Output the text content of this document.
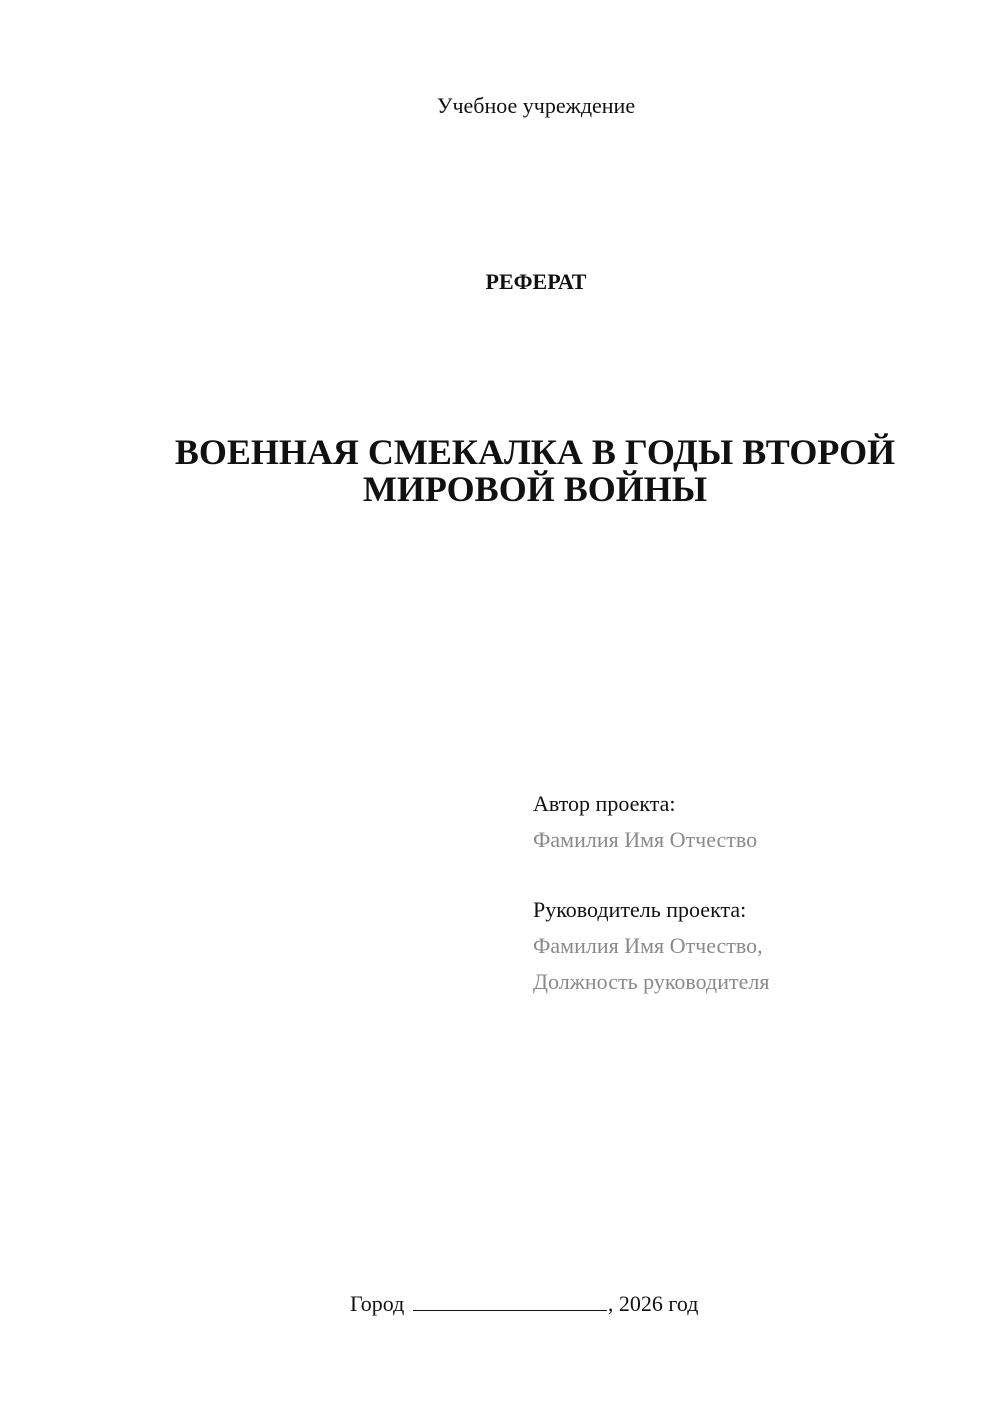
Учебное учреждение
РЕФЕРАТ
ВОЕННАЯ СМЕКАЛКА В ГОДЫ ВТОРОЙ
МИРОВОЙ ВОЙНЫ
Автор проекта:
Фамилия Имя Отчество
Руководитель проекта:
Фамилия Имя Отчество,
Должность руководителя
Город	, 2026 год
